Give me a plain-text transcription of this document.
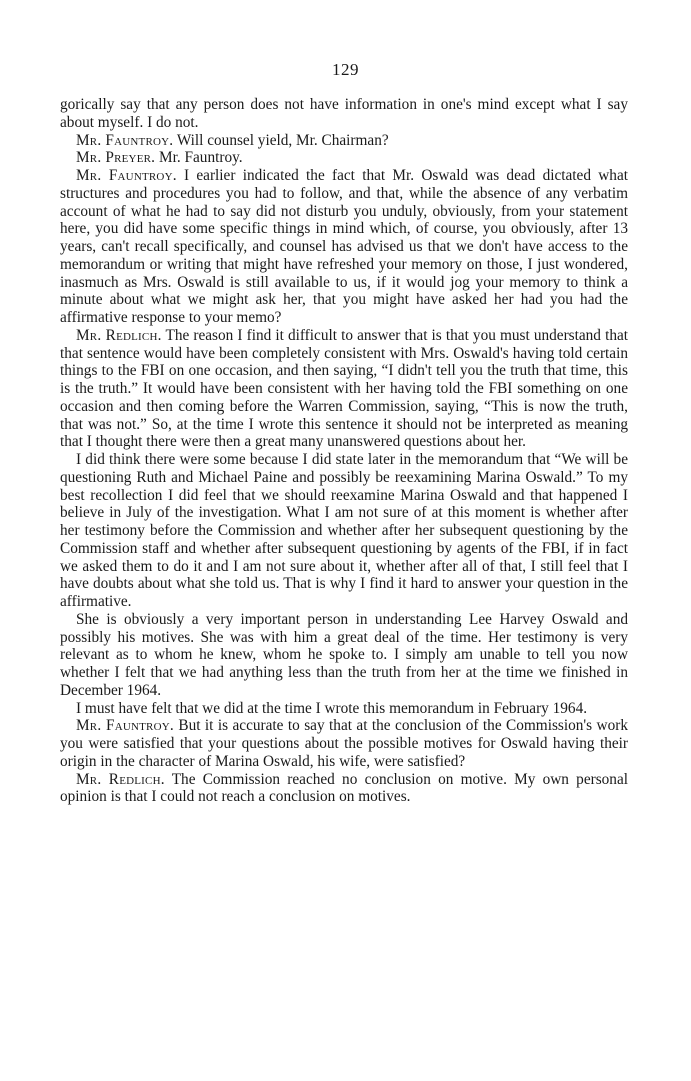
129

gorically say that any person does not have information in one's mind except what I say about myself. I do not.

Mr. Fauntroy. Will counsel yield, Mr. Chairman?

Mr. Preyer. Mr. Fauntroy.

Mr. Fauntroy. I earlier indicated the fact that Mr. Oswald was dead dictated what structures and procedures you had to follow, and that, while the absence of any verbatim account of what he had to say did not disturb you unduly, obviously, from your statement here, you did have some specific things in mind which, of course, you obviously, after 13 years, can't recall specifically, and counsel has advised us that we don't have access to the memorandum or writing that might have refreshed your memory on those, I just wondered, inasmuch as Mrs. Oswald is still available to us, if it would jog your memory to think a minute about what we might ask her, that you might have asked her had you had the affirmative response to your memo?

Mr. Redlich. The reason I find it difficult to answer that is that you must understand that that sentence would have been completely consistent with Mrs. Oswald's having told certain things to the FBI on one occasion, and then saying, “I didn't tell you the truth that time, this is the truth.” It would have been consistent with her having told the FBI something on one occasion and then coming before the Warren Commission, saying, “This is now the truth, that was not.” So, at the time I wrote this sentence it should not be interpreted as meaning that I thought there were then a great many unanswered questions about her.

I did think there were some because I did state later in the memorandum that “We will be questioning Ruth and Michael Paine and possibly be reexamining Marina Oswald.” To my best recollection I did feel that we should reexamine Marina Oswald and that happened I believe in July of the investigation. What I am not sure of at this moment is whether after her testimony before the Commission and whether after her subsequent questioning by the Commission staff and whether after subsequent questioning by agents of the FBI, if in fact we asked them to do it and I am not sure about it, whether after all of that, I still feel that I have doubts about what she told us. That is why I find it hard to answer your question in the affirmative.

She is obviously a very important person in understanding Lee Harvey Oswald and possibly his motives. She was with him a great deal of the time. Her testimony is very relevant as to whom he knew, whom he spoke to. I simply am unable to tell you now whether I felt that we had anything less than the truth from her at the time we finished in December 1964.

I must have felt that we did at the time I wrote this memorandum in February 1964.

Mr. Fauntroy. But it is accurate to say that at the conclusion of the Commission's work you were satisfied that your questions about the possible motives for Oswald having their origin in the character of Marina Oswald, his wife, were satisfied?

Mr. Redlich. The Commission reached no conclusion on motive. My own personal opinion is that I could not reach a conclusion on motives.
